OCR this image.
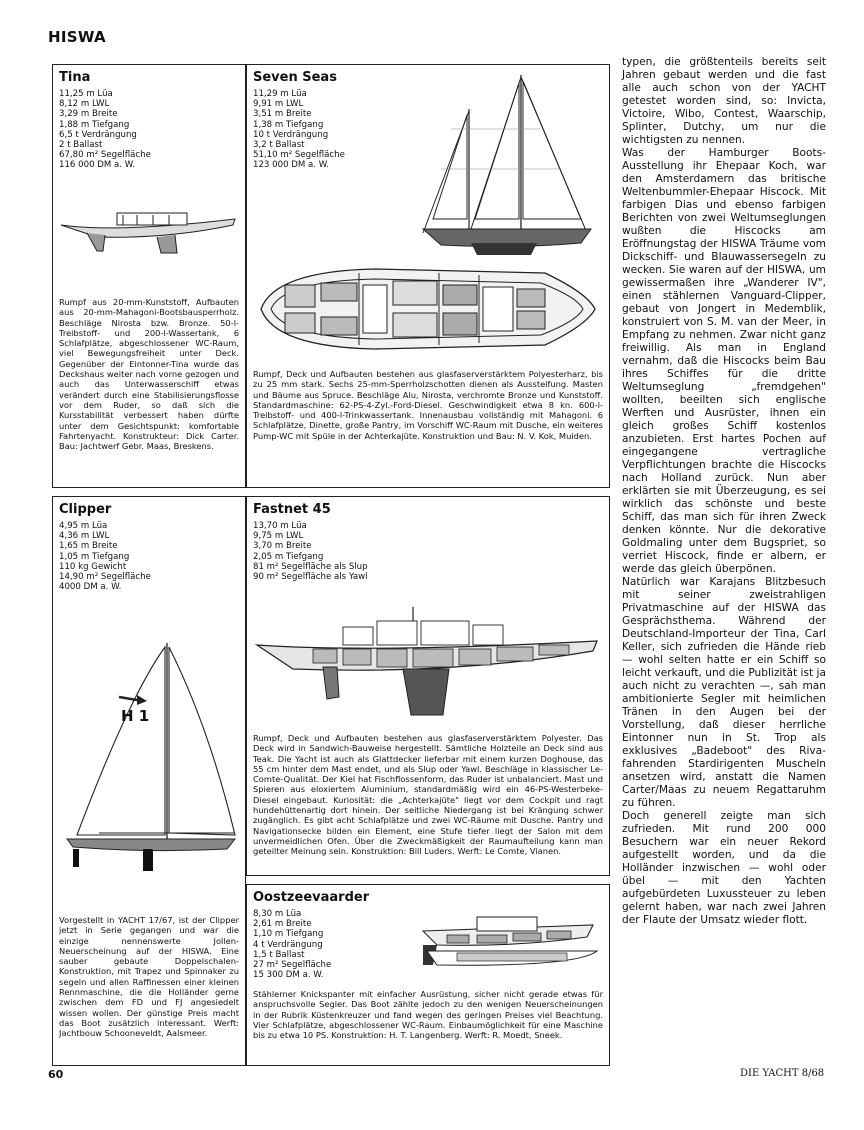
HISWA
Tina
11,25 m Lüa
8,12 m LWL
3,29 m Breite
1,88 m Tiefgang
6,5 t Verdrängung
2 t Ballast
67,80 m² Segelfläche
116 000 DM a. W.
Rumpf aus 20-mm-Kunststoff, Aufbauten aus 20-mm-Mahagoni-Bootsbausperrholz. Beschläge Nirosta bzw. Bronze. 50-l-Treibstoff- und 200-l-Wassertank, 6 Schlafplätze, abgeschlossener WC-Raum, viel Bewegungsfreiheit unter Deck. Gegenüber der Eintonner-Tina wurde das Deckshaus weiter nach vorne gezogen und auch das Unterwasserschiff etwas verändert durch eine Stabilisierungsflosse vor dem Ruder, so daß sich die Kursstabilität verbessert haben dürfte unter dem Gesichtspunkt: komfortable Fahrtenyacht. Konstrukteur: Dick Carter. Bau: Jachtwerf Gebr. Maas, Breskens.
Seven Seas
11,29 m Lüa
9,91 m LWL
3,51 m Breite
1,38 m Tiefgang
10 t Verdrängung
3,2 t Ballast
51,10 m² Segelfläche
123 000 DM a. W.
Rumpf, Deck und Aufbauten bestehen aus glasfaserverstärktem Polyesterharz, bis zu 25 mm stark. Sechs 25-mm-Sperrholzschotten dienen als Aussteifung. Masten und Bäume aus Spruce. Beschläge Alu, Nirosta, verchromte Bronze und Kunststoff. Standardmaschine: 62-PS-4-Zyl.-Ford-Diesel. Geschwindigkeit etwa 8 kn. 600-l-Treibstoff- und 400-l-Trinkwassertank. Innenausbau vollständig mit Mahagoni. 6 Schlafplätze, Dinette, große Pantry, im Vorschiff WC-Raum mit Dusche, ein weiteres Pump-WC mit Spüle in der Achterkajüte. Konstruktion und Bau: N. V. Kok, Muiden.
Clipper
4,95 m Lüa
4,36 m LWL
1,65 m Breite
1,05 m Tiefgang
110 kg Gewicht
14,90 m² Segelfläche
4000 DM a. W.
H 1
Vorgestellt in YACHT 17/67, ist der Clipper jetzt in Serie gegangen und war die einzige nennenswerte Jollen-Neuerscheinung auf der HISWA. Eine sauber gebaute Doppelschalen-Konstruktion, mit Trapez und Spinnaker zu segeln und allen Raffinessen einer kleinen Rennmaschine, die die Holländer gerne zwischen dem FD und FJ angesiedelt wissen wollen. Der günstige Preis macht das Boot zusätzlich interessant. Werft: Jachtbouw Schooneveldt, Aalsmeer.
Fastnet 45
13,70 m Lüa
9,75 m LWL
3,70 m Breite
2,05 m Tiefgang
81 m² Segelfläche als Slup
90 m² Segelfläche als Yawl
Rumpf, Deck und Aufbauten bestehen aus glasfaserverstärktem Polyester. Das Deck wird in Sandwich-Bauweise hergestellt. Sämtliche Holzteile an Deck sind aus Teak. Die Yacht ist auch als Glattdecker lieferbar mit einem kurzen Doghouse, das 55 cm hinter dem Mast endet, und als Slup oder Yawl. Beschläge in klassischer Le-Comte-Qualität. Der Kiel hat Fischflossenform, das Ruder ist unbalanciert. Mast und Spieren aus eloxiertem Aluminium, standardmäßig wird ein 46-PS-Westerbeke-Diesel eingebaut. Kuriosität: die „Achterkajüte" liegt vor dem Cockpit und ragt hundehüttenartig dort hinein. Der seitliche Niedergang ist bei Krängung schwer zugänglich. Es gibt acht Schlafplätze und zwei WC-Räume mit Dusche. Pantry und Navigationsecke bilden ein Element, eine Stufe tiefer liegt der Salon mit dem unvermeidlichen Ofen. Über die Zweckmäßigkeit der Raumaufteilung kann man geteilter Meinung sein. Konstruktion: Bill Luders. Werft: Le Comte, Vianen.
Oostzeevaarder
8,30 m Lüa
2,61 m Breite
1,10 m Tiefgang
4 t Verdrängung
1,5 t Ballast
27 m² Segelfläche
15 300 DM a. W.
Stählerner Knickspanter mit einfacher Ausrüstung, sicher nicht gerade etwas für anspruchsvolle Segler. Das Boot zählte jedoch zu den wenigen Neuerscheinungen in der Rubrik Küstenkreuzer und fand wegen des geringen Preises viel Beachtung. Vier Schlafplätze, abgeschlossener WC-Raum. Einbaumöglichkeit für eine Maschine bis zu etwa 10 PS. Konstruktion: H. T. Langenberg. Werft: R. Moedt, Sneek.

typen, die größtenteils bereits seit Jahren gebaut werden und die fast alle auch schon von der YACHT getestet worden sind, so: Invicta, Victoire, Wibo, Contest, Waarschip, Splinter, Dutchy, um nur die wichtigsten zu nennen.

Was der Hamburger Boots-Ausstellung ihr Ehepaar Koch, war den Amsterdamern das britische Weltenbummler-Ehepaar Hiscock. Mit farbigen Dias und ebenso farbigen Berichten von zwei Weltumseglungen wußten die Hiscocks am Eröffnungstag der HISWA Träume vom Dickschiff- und Blauwassersegeln zu wecken. Sie waren auf der HISWA, um gewissermaßen ihre „Wanderer IV", einen stählernen Vanguard-Clipper, gebaut von Jongert in Medemblik, konstruiert von S. M. van der Meer, in Empfang zu nehmen. Zwar nicht ganz freiwillig. Als man in England vernahm, daß die Hiscocks beim Bau ihres Schiffes für die dritte Weltumseglung „fremdgehen" wollten, beeilten sich englische Werften und Ausrüster, ihnen ein gleich großes Schiff kostenlos anzubieten. Erst hartes Pochen auf eingegangene vertragliche Verpflichtungen brachte die Hiscocks nach Holland zurück. Nun aber erklärten sie mit Überzeugung, es sei wirklich das schönste und beste Schiff, das man sich für ihren Zweck denken könnte. Nur die dekorative Goldmaling unter dem Bugspriet, so verriet Hiscock, finde er albern, er werde das gleich überpönen.

Natürlich war Karajans Blitzbesuch mit seiner zweistrahligen Privatmaschine auf der HISWA das Gesprächsthema. Während der Deutschland-Importeur der Tina, Carl Keller, sich zufrieden die Hände rieb — wohl selten hatte er ein Schiff so leicht verkauft, und die Publizität ist ja auch nicht zu verachten —, sah man ambitionierte Segler mit heimlichen Tränen in den Augen bei der Vorstellung, daß dieser herrliche Eintonner nun in St. Trop als exklusives „Badeboot" des Riva-fahrenden Stardirigenten Muscheln ansetzen wird, anstatt die Namen Carter/Maas zu neuem Regattaruhm zu führen.

Doch generell zeigte man sich zufrieden. Mit rund 200 000 Besuchern war ein neuer Rekord aufgestellt worden, und da die Holländer inzwischen — wohl oder übel — mit den Yachten aufgebürdeten Luxussteuer zu leben gelernt haben, war nach zwei Jahren der Flaute der Umsatz wieder flott.

60	DIE YACHT 8/68
